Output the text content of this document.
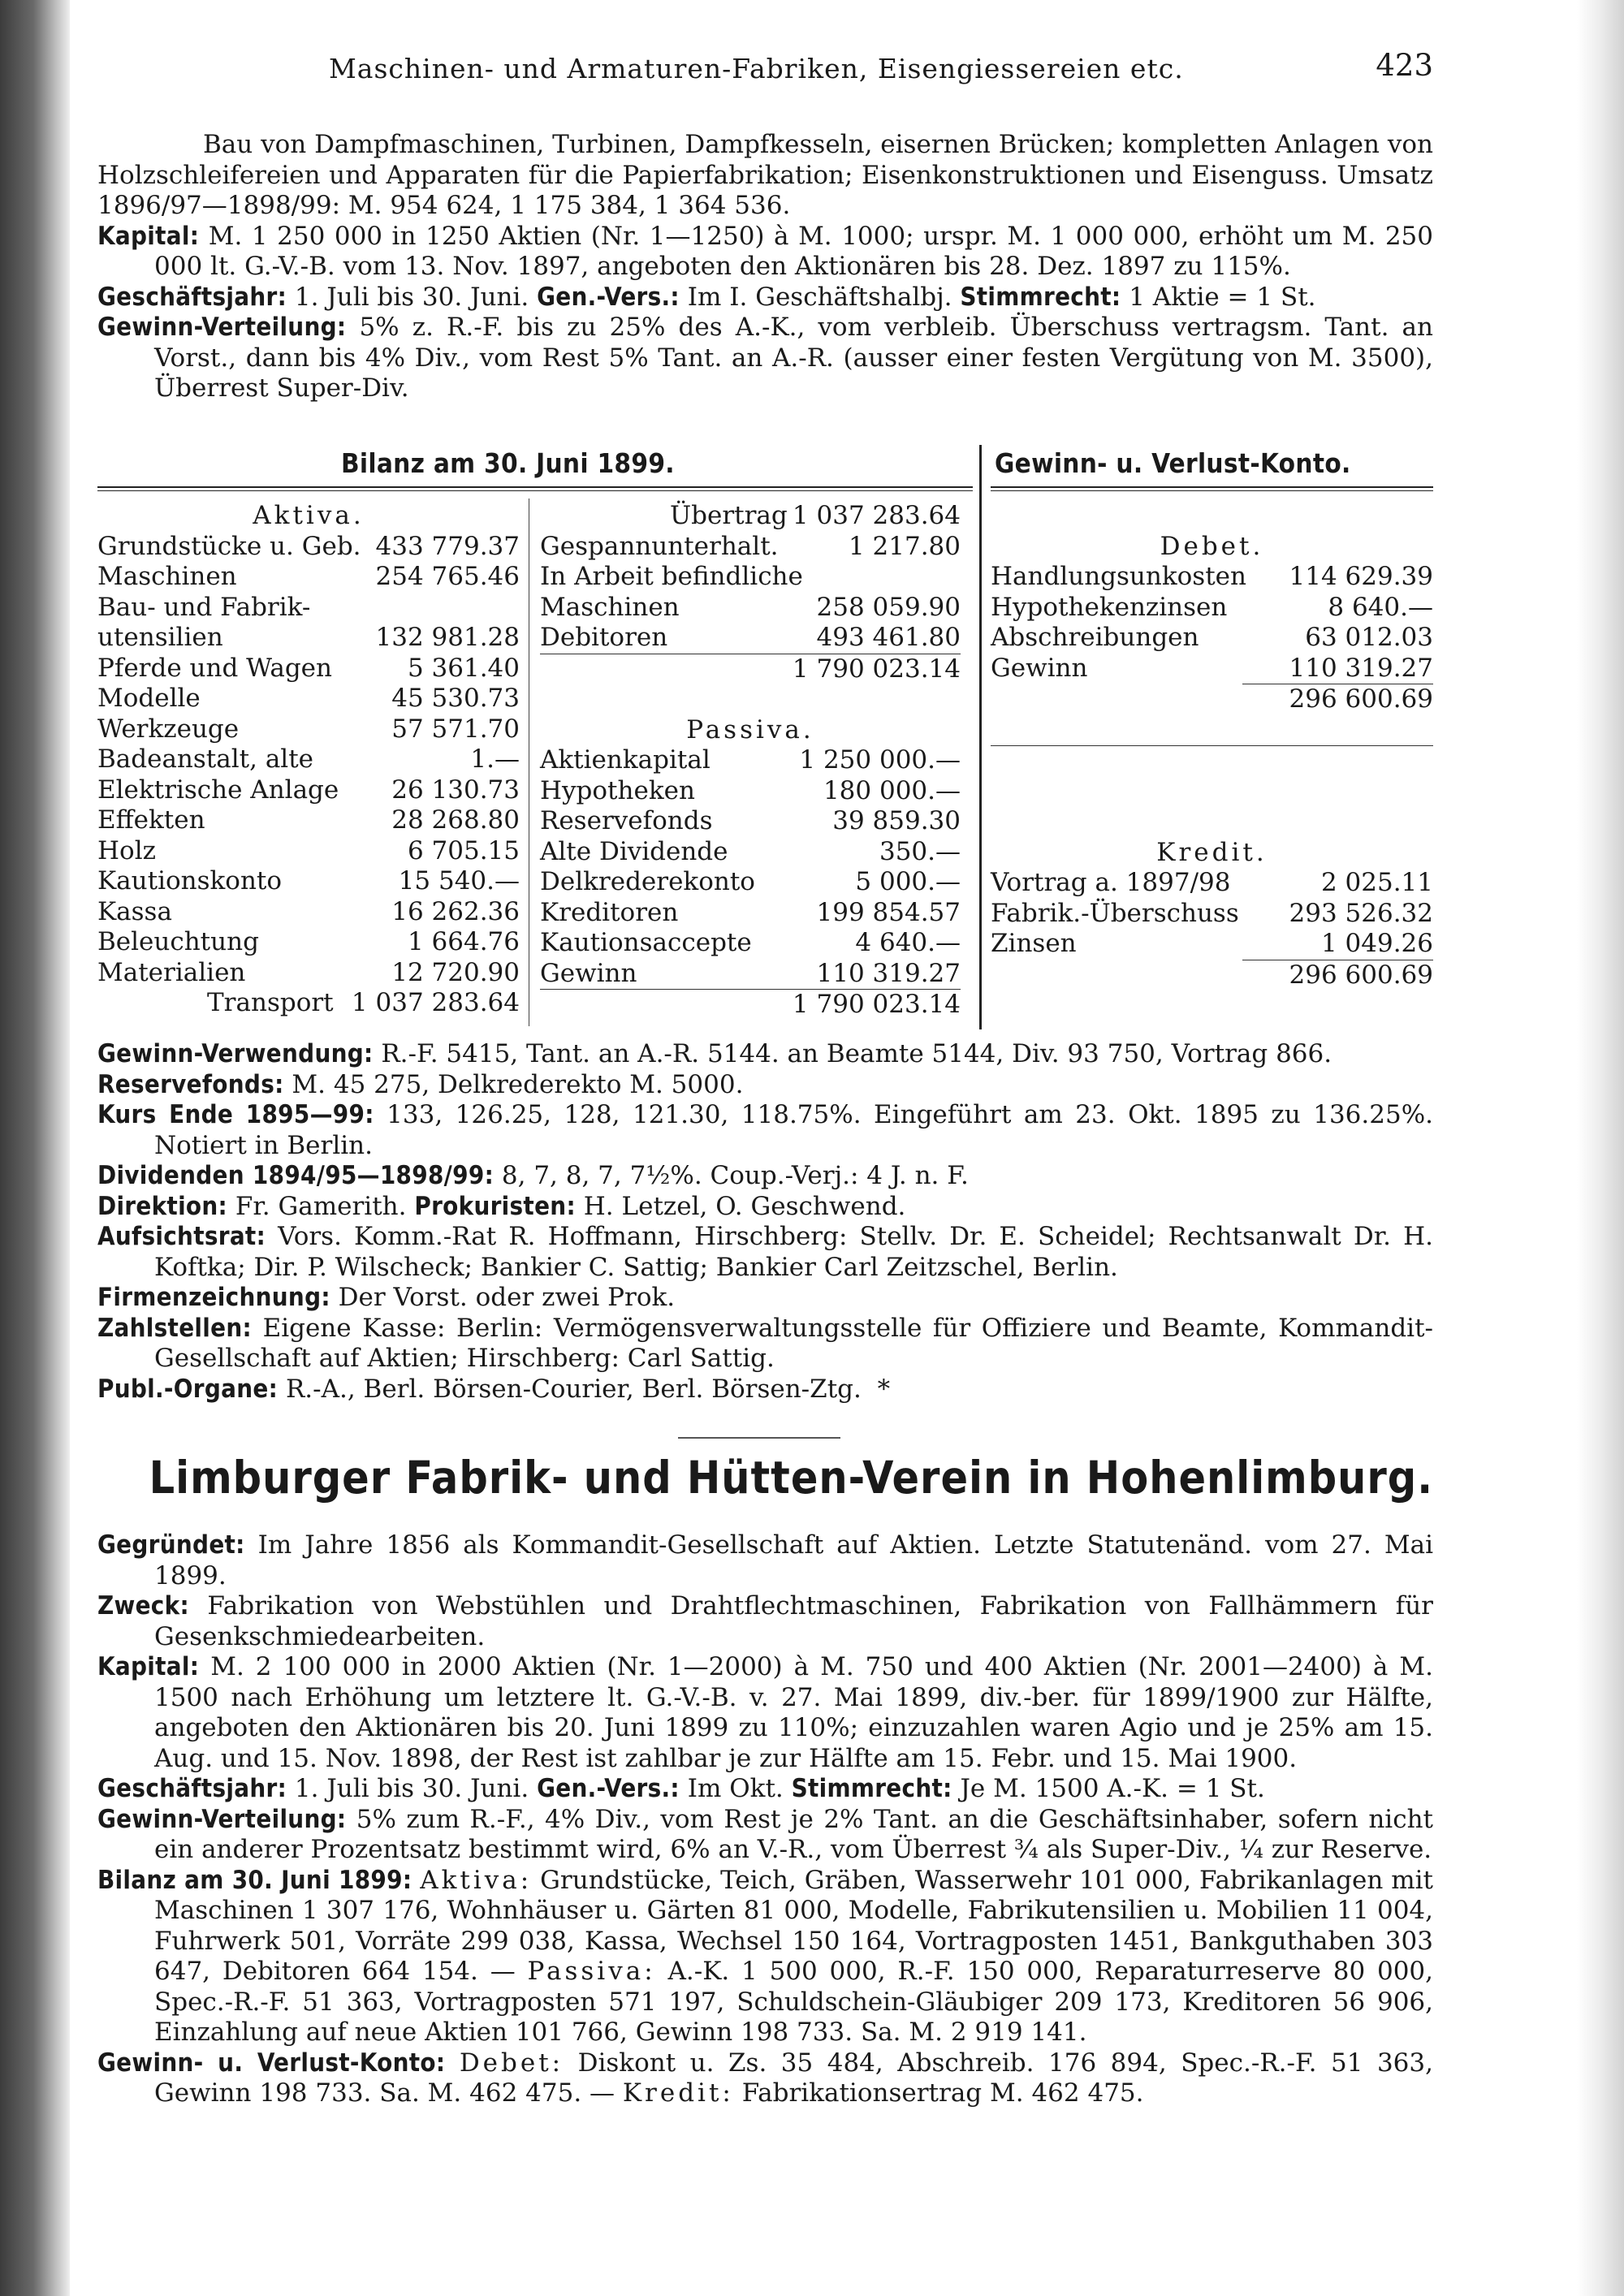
Maschinen- und Armaturen-Fabriken, Eisengiessereien etc.	423
Bau von Dampfmaschinen, Turbinen, Dampfkesseln, eisernen Brücken; kompletten Anlagen von Holzschleifereien und Apparaten für die Papierfabrikation; Eisenkonstruktionen und Eisenguss. Umsatz 1896/97—1898/99: M. 954 624, 1 175 384, 1 364 536.
Kapital: M. 1 250 000 in 1250 Aktien (Nr. 1—1250) à M. 1000; urspr. M. 1 000 000, erhöht um M. 250 000 lt. G.-V.-B. vom 13. Nov. 1897, angeboten den Aktionären bis 28. Dez. 1897 zu 115%.
Geschäftsjahr: 1. Juli bis 30. Juni. Gen.-Vers.: Im I. Geschäftshalbj. Stimmrecht: 1 Aktie = 1 St.
Gewinn-Verteilung: 5% z. R.-F. bis zu 25% des A.-K., vom verbleib. Überschuss vertragsm. Tant. an Vorst., dann bis 4% Div., vom Rest 5% Tant. an A.-R. (ausser einer festen Vergütung von M. 3500), Überrest Super-Div.
Bilanz am 30. Juni 1899.	Gewinn- u. Verlust-Konto.
Aktiva.
Grundstücke u. Geb. 433 779.37
Maschinen	254 765.46
Bau- und Fabrik-
utensilien	132 981.28
Pferde und Wagen	5 361.40
Modelle	45 530.73
Werkzeuge	57 571.70
Badeanstalt, alte	1.—
Elektrische Anlage 26 130.73
Effekten	28 268.80
Holz	6 705.15
Kautionskonto	15 540.—
Kassa	16 262.36
Beleuchtung	1 664.76
Materialien	12 720.90
Transport 1 037 283.64
Übertrag 1 037 283.64
Gespannunterhalt.	1 217.80
In Arbeit befindliche
Maschinen	258 059.90
Debitoren	493 461.80
1 790 023.14
Passiva.
Aktienkapital	1 250 000.—
Hypotheken	180 000.—
Reservefonds	39 859.30
Alte Dividende	350.—
Delkrederekonto	5 000.—
Kreditoren	199 854.57
Kautionsaccepte	4 640.—
Gewinn	110 319.27
1 790 023.14
Debet.
Handlungsunkosten 114 629.39
Hypothekenzinsen	8 640.—
Abschreibungen	63 012.03
Gewinn	110 319.27
296 600.69
Kredit.
Vortrag a. 1897/98	2 025.11
Fabrik.-Überschuss 293 526.32
Zinsen	1 049.26
296 600.69
Gewinn-Verwendung: R.-F. 5415, Tant. an A.-R. 5144. an Beamte 5144, Div. 93 750, Vortrag 866.
Reservefonds: M. 45 275, Delkrederekto M. 5000.
Kurs Ende 1895—99: 133, 126.25, 128, 121.30, 118.75%. Eingeführt am 23. Okt. 1895 zu 136.25%. Notiert in Berlin.
Dividenden 1894/95—1898/99: 8, 7, 8, 7, 7½%. Coup.-Verj.: 4 J. n. F.
Direktion: Fr. Gamerith. Prokuristen: H. Letzel, O. Geschwend.
Aufsichtsrat: Vors. Komm.-Rat R. Hoffmann, Hirschberg: Stellv. Dr. E. Scheidel; Rechtsanwalt Dr. H. Koftka; Dir. P. Wilscheck; Bankier C. Sattig; Bankier Carl Zeitzschel, Berlin.
Firmenzeichnung: Der Vorst. oder zwei Prok.
Zahlstellen: Eigene Kasse: Berlin: Vermögensverwaltungsstelle für Offiziere und Beamte, Kommandit-Gesellschaft auf Aktien; Hirschberg: Carl Sattig.
Publ.-Organe: R.-A., Berl. Börsen-Courier, Berl. Börsen-Ztg. *
Limburger Fabrik- und Hütten-Verein in Hohenlimburg.
Gegründet: Im Jahre 1856 als Kommandit-Gesellschaft auf Aktien. Letzte Statutenänd. vom 27. Mai 1899.
Zweck: Fabrikation von Webstühlen und Drahtflechtmaschinen, Fabrikation von Fallhämmern für Gesenkschmiedearbeiten.
Kapital: M. 2 100 000 in 2000 Aktien (Nr. 1—2000) à M. 750 und 400 Aktien (Nr. 2001—2400) à M. 1500 nach Erhöhung um letztere lt. G.-V.-B. v. 27. Mai 1899, div.-ber. für 1899/1900 zur Hälfte, angeboten den Aktionären bis 20. Juni 1899 zu 110%; einzuzahlen waren Agio und je 25% am 15. Aug. und 15. Nov. 1898, der Rest ist zahlbar je zur Hälfte am 15. Febr. und 15. Mai 1900.
Geschäftsjahr: 1. Juli bis 30. Juni. Gen.-Vers.: Im Okt. Stimmrecht: Je M. 1500 A.-K. = 1 St.
Gewinn-Verteilung: 5% zum R.-F., 4% Div., vom Rest je 2% Tant. an die Geschäftsinhaber, sofern nicht ein anderer Prozentsatz bestimmt wird, 6% an V.-R., vom Überrest ¾ als Super-Div., ¼ zur Reserve.
Bilanz am 30. Juni 1899: Aktiva: Grundstücke, Teich, Gräben, Wasserwehr 101 000, Fabrikanlagen mit Maschinen 1 307 176, Wohnhäuser u. Gärten 81 000, Modelle, Fabrikutensilien u. Mobilien 11 004, Fuhrwerk 501, Vorräte 299 038, Kassa, Wechsel 150 164, Vortragposten 1451, Bankguthaben 303 647, Debitoren 664 154. — Passiva: A.-K. 1 500 000, R.-F. 150 000, Reparaturreserve 80 000, Spec.-R.-F. 51 363, Vortragposten 571 197, Schuldschein-Gläubiger 209 173, Kreditoren 56 906, Einzahlung auf neue Aktien 101 766, Gewinn 198 733. Sa. M. 2 919 141.
Gewinn- u. Verlust-Konto: Debet: Diskont u. Zs. 35 484, Abschreib. 176 894, Spec.-R.-F. 51 363, Gewinn 198 733. Sa. M. 462 475. — Kredit: Fabrikationsertrag M. 462 475.
